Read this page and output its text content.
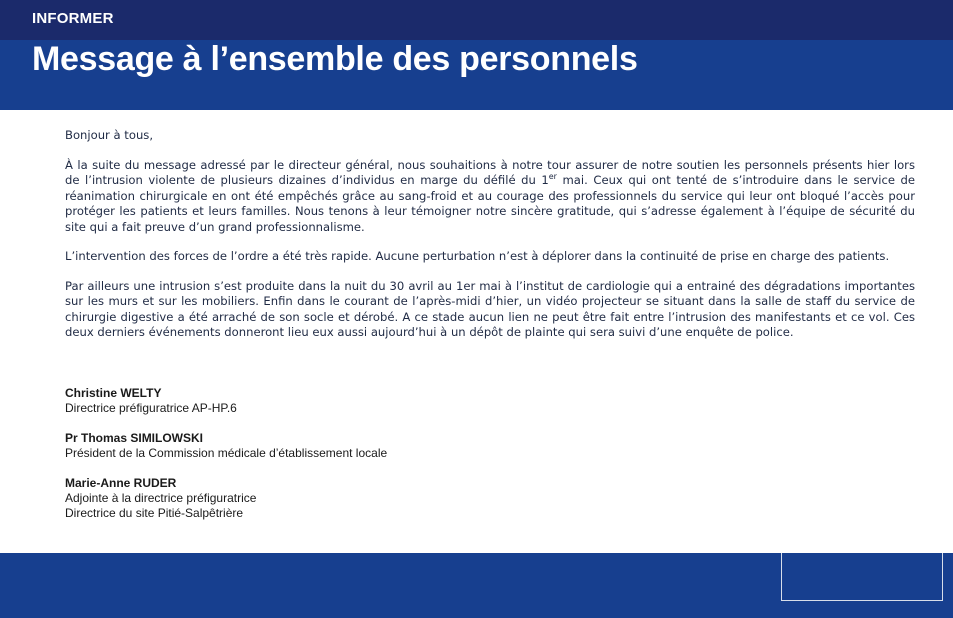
INFORMER
Message à l’ensemble des personnels

Bonjour à tous,

À la suite du message adressé par le directeur général, nous souhaitions à notre tour assurer de notre soutien les personnels présents hier lors de l’intrusion violente de plusieurs dizaines d’individus en marge du défilé du 1er mai. Ceux qui ont tenté de s’introduire dans le service de réanimation chirurgicale en ont été empêchés grâce au sang-froid et au courage des professionnels du service qui leur ont bloqué l’accès pour protéger les patients et leurs familles. Nous tenons à leur témoigner notre sincère gratitude, qui s’adresse également à l’équipe de sécurité du site qui a fait preuve d’un grand professionnalisme.

L’intervention des forces de l’ordre a été très rapide. Aucune perturbation n’est à déplorer dans la continuité de prise en charge des patients.

Par ailleurs une intrusion s’est produite dans la nuit du 30 avril au 1er mai à l’institut de cardiologie qui a entrainé des dégradations importantes sur les murs et sur les mobiliers. Enfin dans le courant de l’après-midi d’hier, un vidéo projecteur se situant dans la salle de staff du service de chirurgie digestive a été arraché de son socle et dérobé. A ce stade aucun lien ne peut être fait entre l’intrusion des manifestants et ce vol. Ces deux derniers événements donneront lieu eux aussi aujourd’hui à un dépôt de plainte qui sera suivi d’une enquête de police.

Christine WELTY
Directrice préfiguratrice AP-HP.6
Pr Thomas SIMILOWSKI
Président de la Commission médicale d’établissement locale
Marie-Anne RUDER
Adjointe à la directrice préfiguratrice
Directrice du site Pitié-Salpêtrière
